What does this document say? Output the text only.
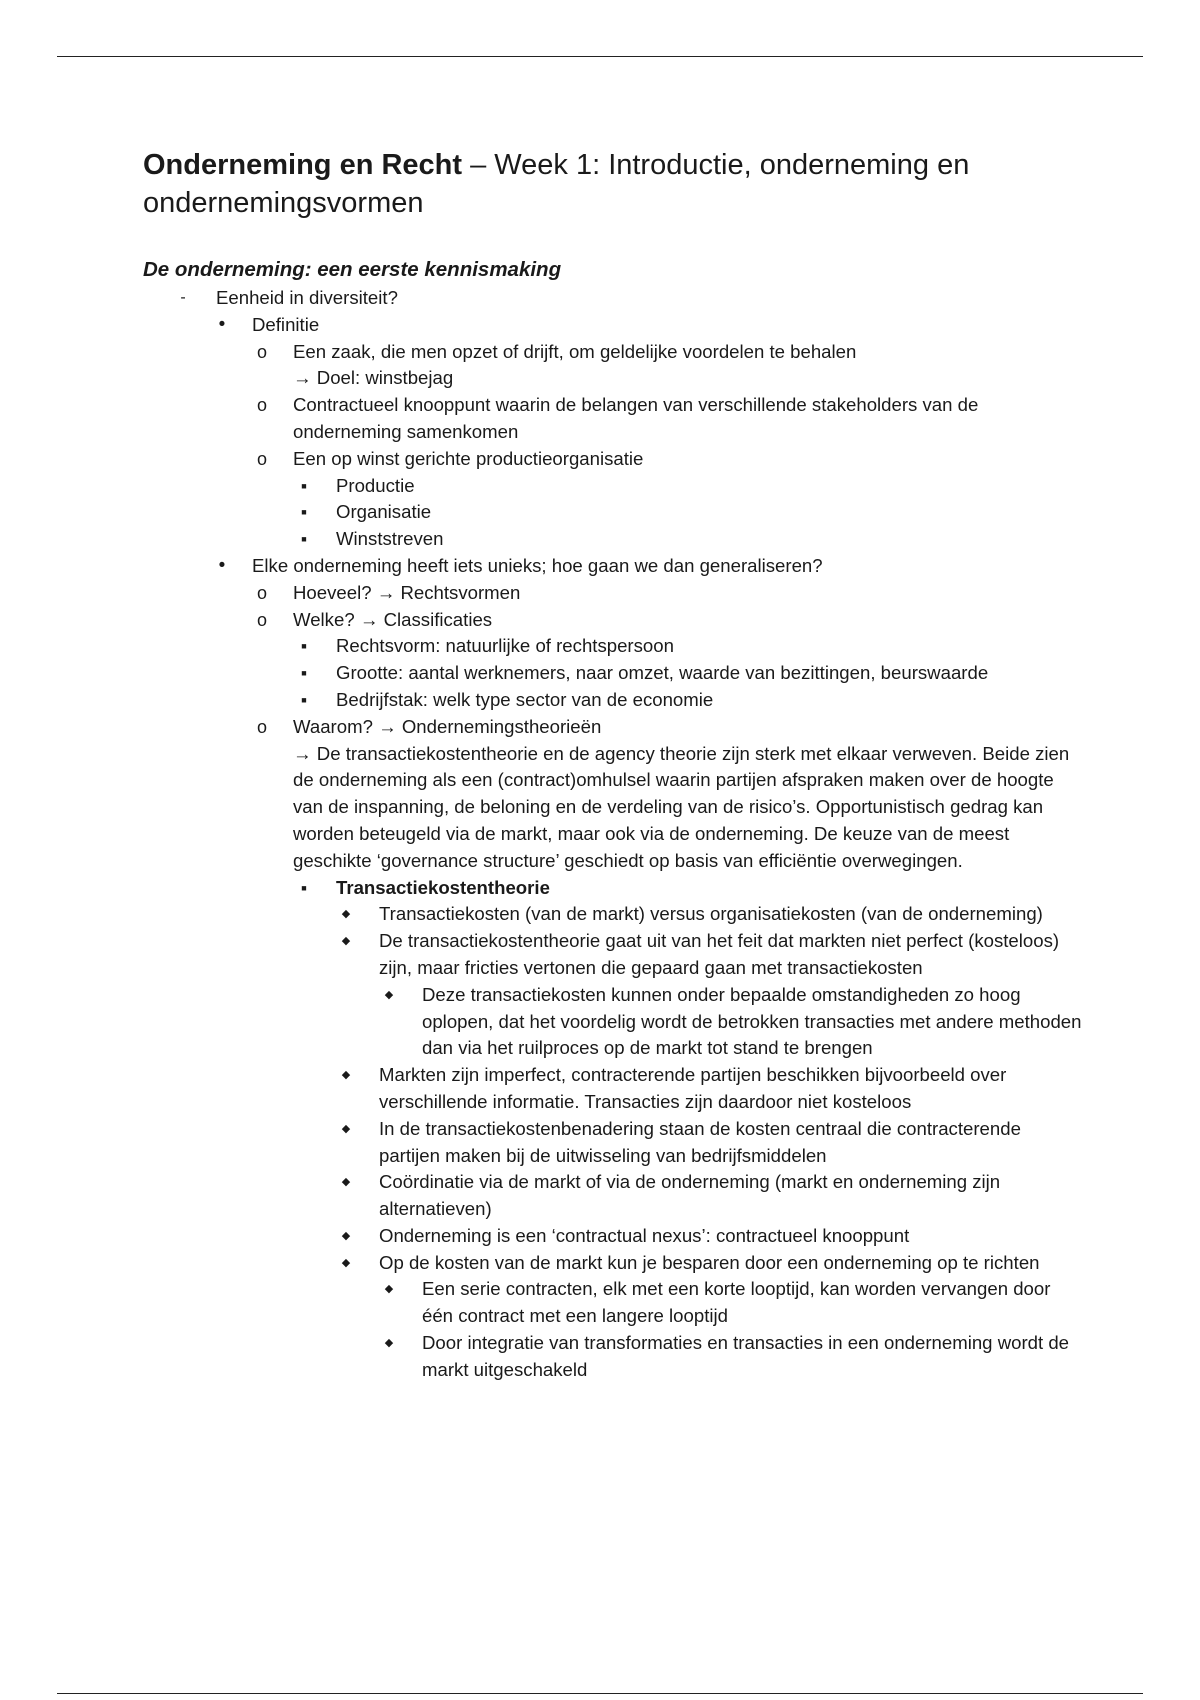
Onderneming en Recht – Week 1: Introductie, onderneming en ondernemingsvormen
De onderneming: een eerste kennismaking
-	Eenheid in diversiteit?
•	Definitie
o Een zaak, die men opzet of drijft, om geldelijke voordelen te behalen
→ Doel: winstbejag
o Contractueel knooppunt waarin de belangen van verschillende stakeholders van de onderneming samenkomen
o Een op winst gerichte productieorganisatie
■	Productie
■	Organisatie
■	Winststreven
•	Elke onderneming heeft iets unieks; hoe gaan we dan generaliseren?
o Hoeveel? → Rechtsvormen
o Welke? → Classificaties
■	Rechtsvorm: natuurlijke of rechtspersoon
■	Grootte: aantal werknemers, naar omzet, waarde van bezittingen, beurswaarde
■	Bedrijfstak: welk type sector van de economie
o Waarom? → Ondernemingstheorieën
→ De transactiekostentheorie en de agency theorie zijn sterk met elkaar verweven. Beide zien de onderneming als een (contract)omhulsel waarin partijen afspraken maken over de hoogte van de inspanning, de beloning en de verdeling van de risico’s. Opportunistisch gedrag kan worden beteugeld via de markt, maar ook via de onderneming. De keuze van de meest geschikte ‘governance structure’ geschiedt op basis van efficiëntie overwegingen.
■	Transactiekostentheorie
◆	Transactiekosten (van de markt) versus organisatiekosten (van de onderneming)
◆	De transactiekostentheorie gaat uit van het feit dat markten niet perfect (kosteloos) zijn, maar fricties vertonen die gepaard gaan met transactiekosten
◆	Deze transactiekosten kunnen onder bepaalde omstandigheden zo hoog oplopen, dat het voordelig wordt de betrokken transacties met andere methoden dan via het ruilproces op de markt tot stand te brengen
◆	Markten zijn imperfect, contracterende partijen beschikken bijvoorbeeld over verschillende informatie. Transacties zijn daardoor niet kosteloos
◆	In de transactiekostenbenadering staan de kosten centraal die contracterende partijen maken bij de uitwisseling van bedrijfsmiddelen
◆	Coördinatie via de markt of via de onderneming (markt en onderneming zijn alternatieven)
◆	Onderneming is een ‘contractual nexus’: contractueel knooppunt
◆	Op de kosten van de markt kun je besparen door een onderneming op te richten
◆	Een serie contracten, elk met een korte looptijd, kan worden vervangen door één contract met een langere looptijd
◆	Door integratie van transformaties en transacties in een onderneming wordt de markt uitgeschakeld
